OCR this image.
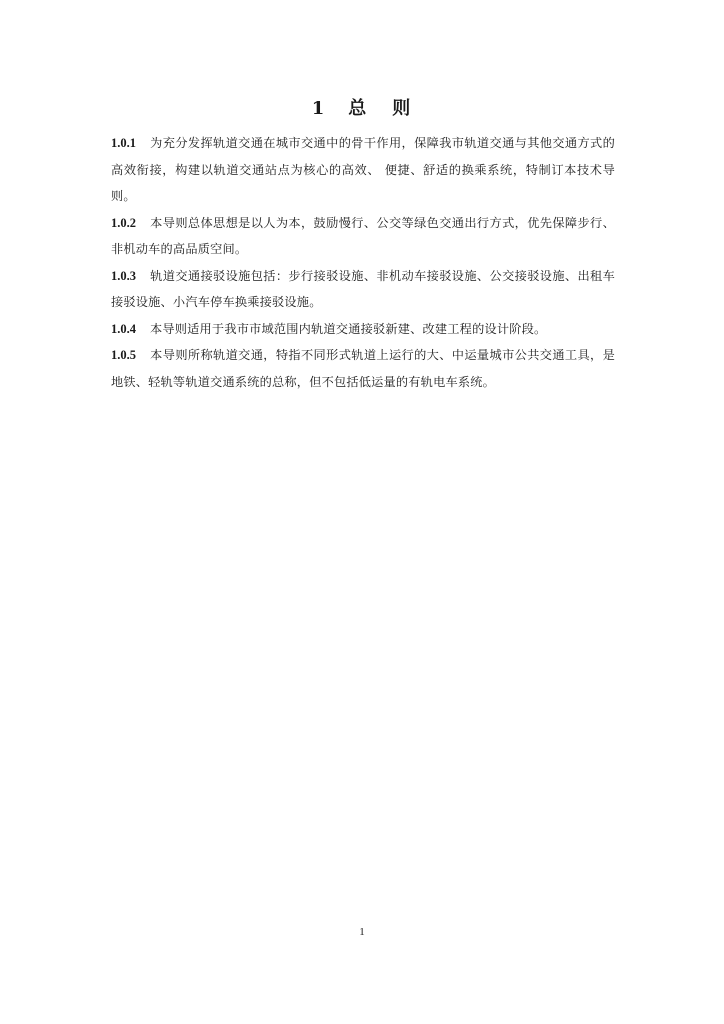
1 总 则

1.0.1 为充分发挥轨道交通在城市交通中的骨干作用，保障我市轨道交通与其他交通方式的高效衔接，构建以轨道交通站点为核心的高效、 便捷、舒适的换乘系统，特制订本技术导则。

1.0.2 本导则总体思想是以人为本，鼓励慢行、公交等绿色交通出行方式，优先保障步行、非机动车的高品质空间。

1.0.3 轨道交通接驳设施包括：步行接驳设施、非机动车接驳设施、公交接驳设施、出租车接驳设施、小汽车停车换乘接驳设施。

1.0.4 本导则适用于我市市域范围内轨道交通接驳新建、改建工程的设计阶段。

1.0.5 本导则所称轨道交通，特指不同形式轨道上运行的大、中运量城市公共交通工具，是地铁、轻轨等轨道交通系统的总称，但不包括低运量的有轨电车系统。

1
